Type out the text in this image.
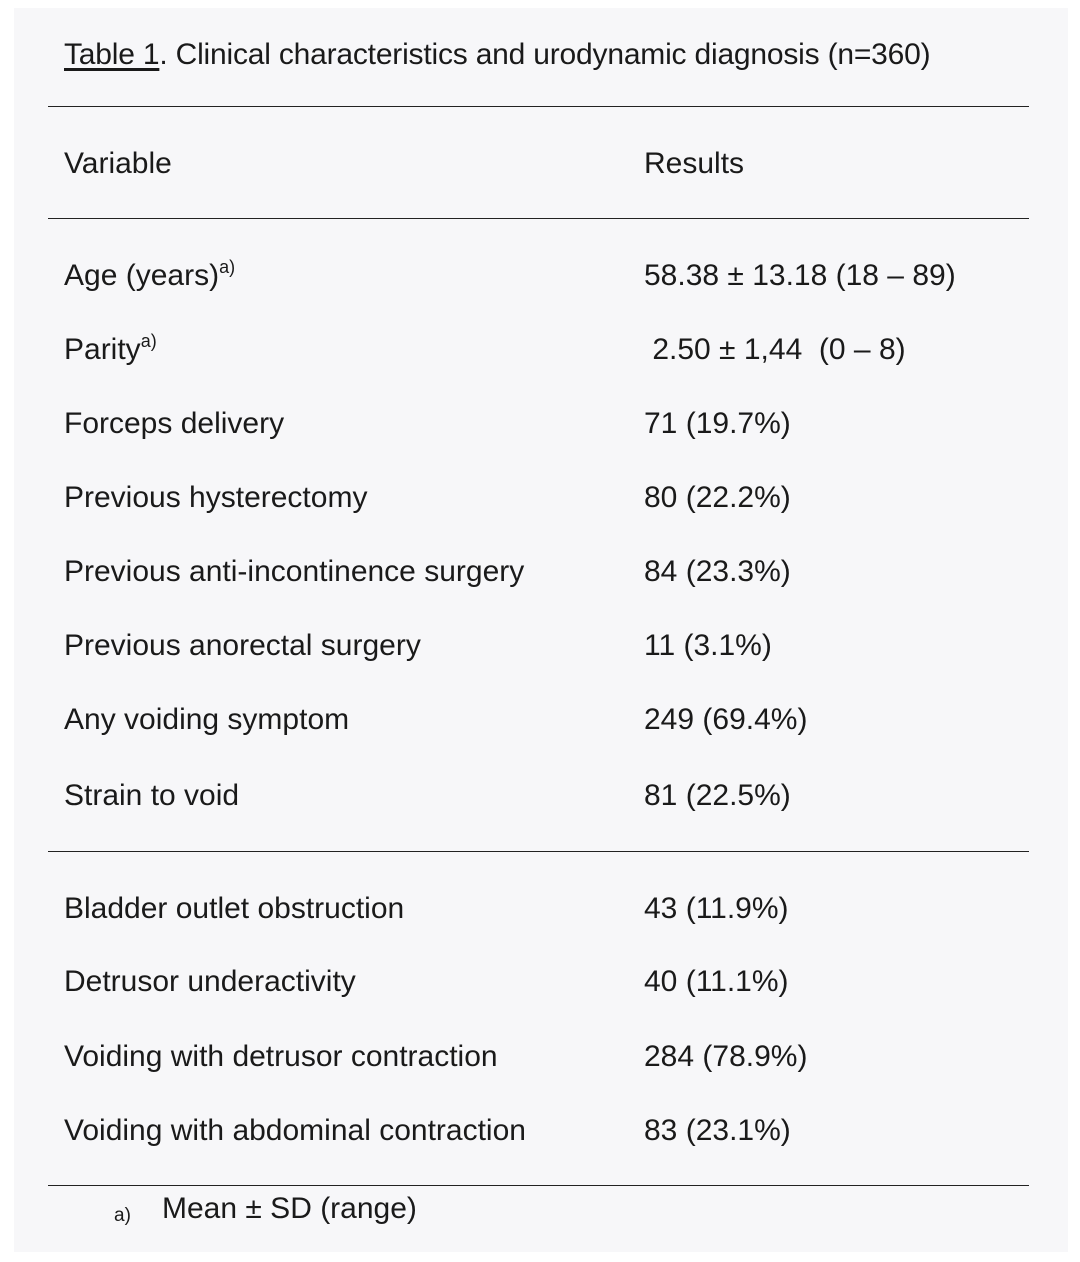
Table 1. Clinical characteristics and urodynamic diagnosis (n=360)
Variable	Results
Age (years)$^{a)}$	58.38 ± 13.18 (18 – 89)
Parity$^{a)}$	2.50 ± 1,44  (0 – 8)
Forceps delivery	71 (19.7%)
Previous hysterectomy	80 (22.2%)
Previous anti-incontinence surgery	84 (23.3%)
Previous anorectal surgery	11 (3.1%)
Any voiding symptom	249 (69.4%)
Strain to void	81 (22.5%)
Bladder outlet obstruction	43 (11.9%)
Detrusor underactivity	40 (11.1%)
Voiding with detrusor contraction	284 (78.9%)
Voiding with abdominal contraction	83 (23.1%)
a) Mean ± SD (range)
